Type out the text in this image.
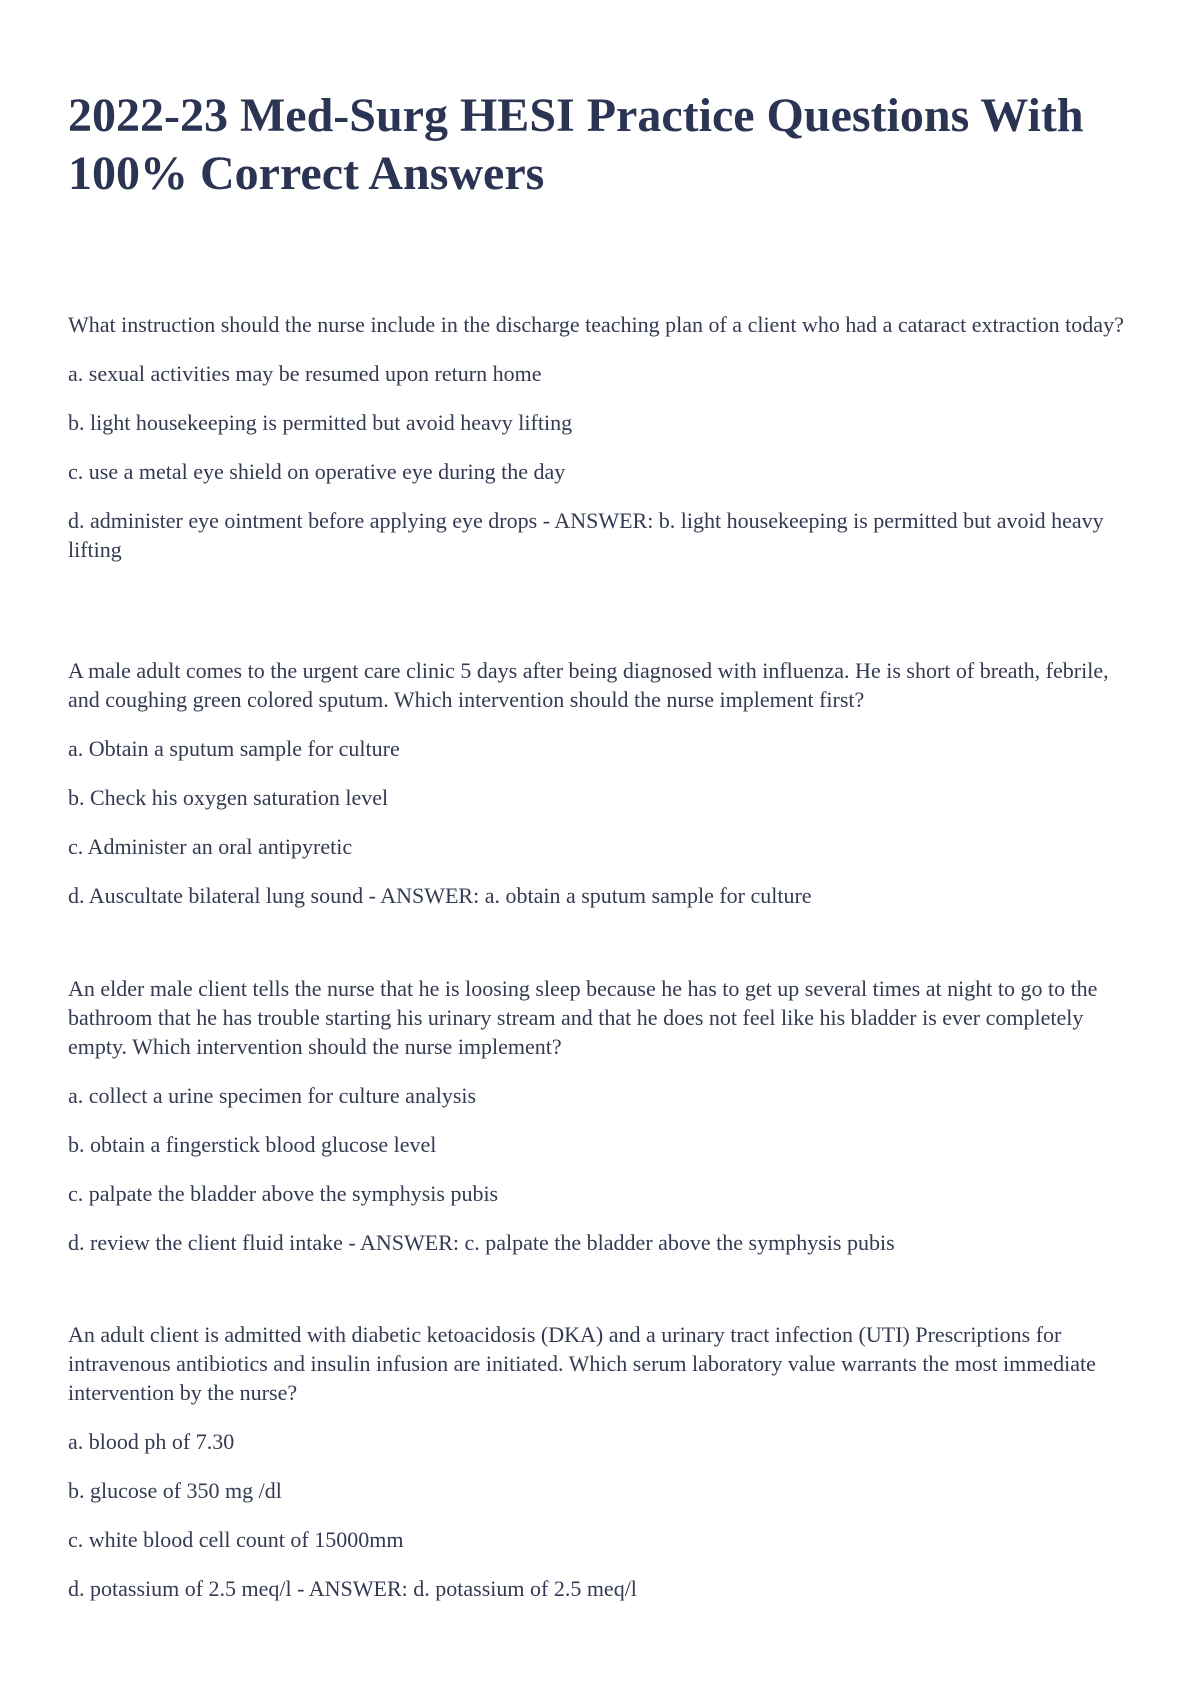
2022-23 Med-Surg HESI Practice Questions With
100% Correct Answers

What instruction should the nurse include in the discharge teaching plan of a client who had a cataract extraction today?

a. sexual activities may be resumed upon return home

b. light housekeeping is permitted but avoid heavy lifting

c. use a metal eye shield on operative eye during the day

d. administer eye ointment before applying eye drops - ANSWER: b. light housekeeping is permitted but avoid heavy lifting

A male adult comes to the urgent care clinic 5 days after being diagnosed with influenza. He is short of breath, febrile, and coughing green colored sputum. Which intervention should the nurse implement first?

a. Obtain a sputum sample for culture

b. Check his oxygen saturation level

c. Administer an oral antipyretic

d. Auscultate bilateral lung sound - ANSWER: a. obtain a sputum sample for culture

An elder male client tells the nurse that he is loosing sleep because he has to get up several times at night to go to the bathroom that he has trouble starting his urinary stream and that he does not feel like his bladder is ever completely empty. Which intervention should the nurse implement?

a. collect a urine specimen for culture analysis

b. obtain a fingerstick blood glucose level

c. palpate the bladder above the symphysis pubis

d. review the client fluid intake - ANSWER: c. palpate the bladder above the symphysis pubis

An adult client is admitted with diabetic ketoacidosis (DKA) and a urinary tract infection (UTI) Prescriptions for intravenous antibiotics and insulin infusion are initiated. Which serum laboratory value warrants the most immediate intervention by the nurse?

a. blood ph of 7.30

b. glucose of 350 mg /dl

c. white blood cell count of 15000mm

d. potassium of 2.5 meq/l - ANSWER: d. potassium of 2.5 meq/l
